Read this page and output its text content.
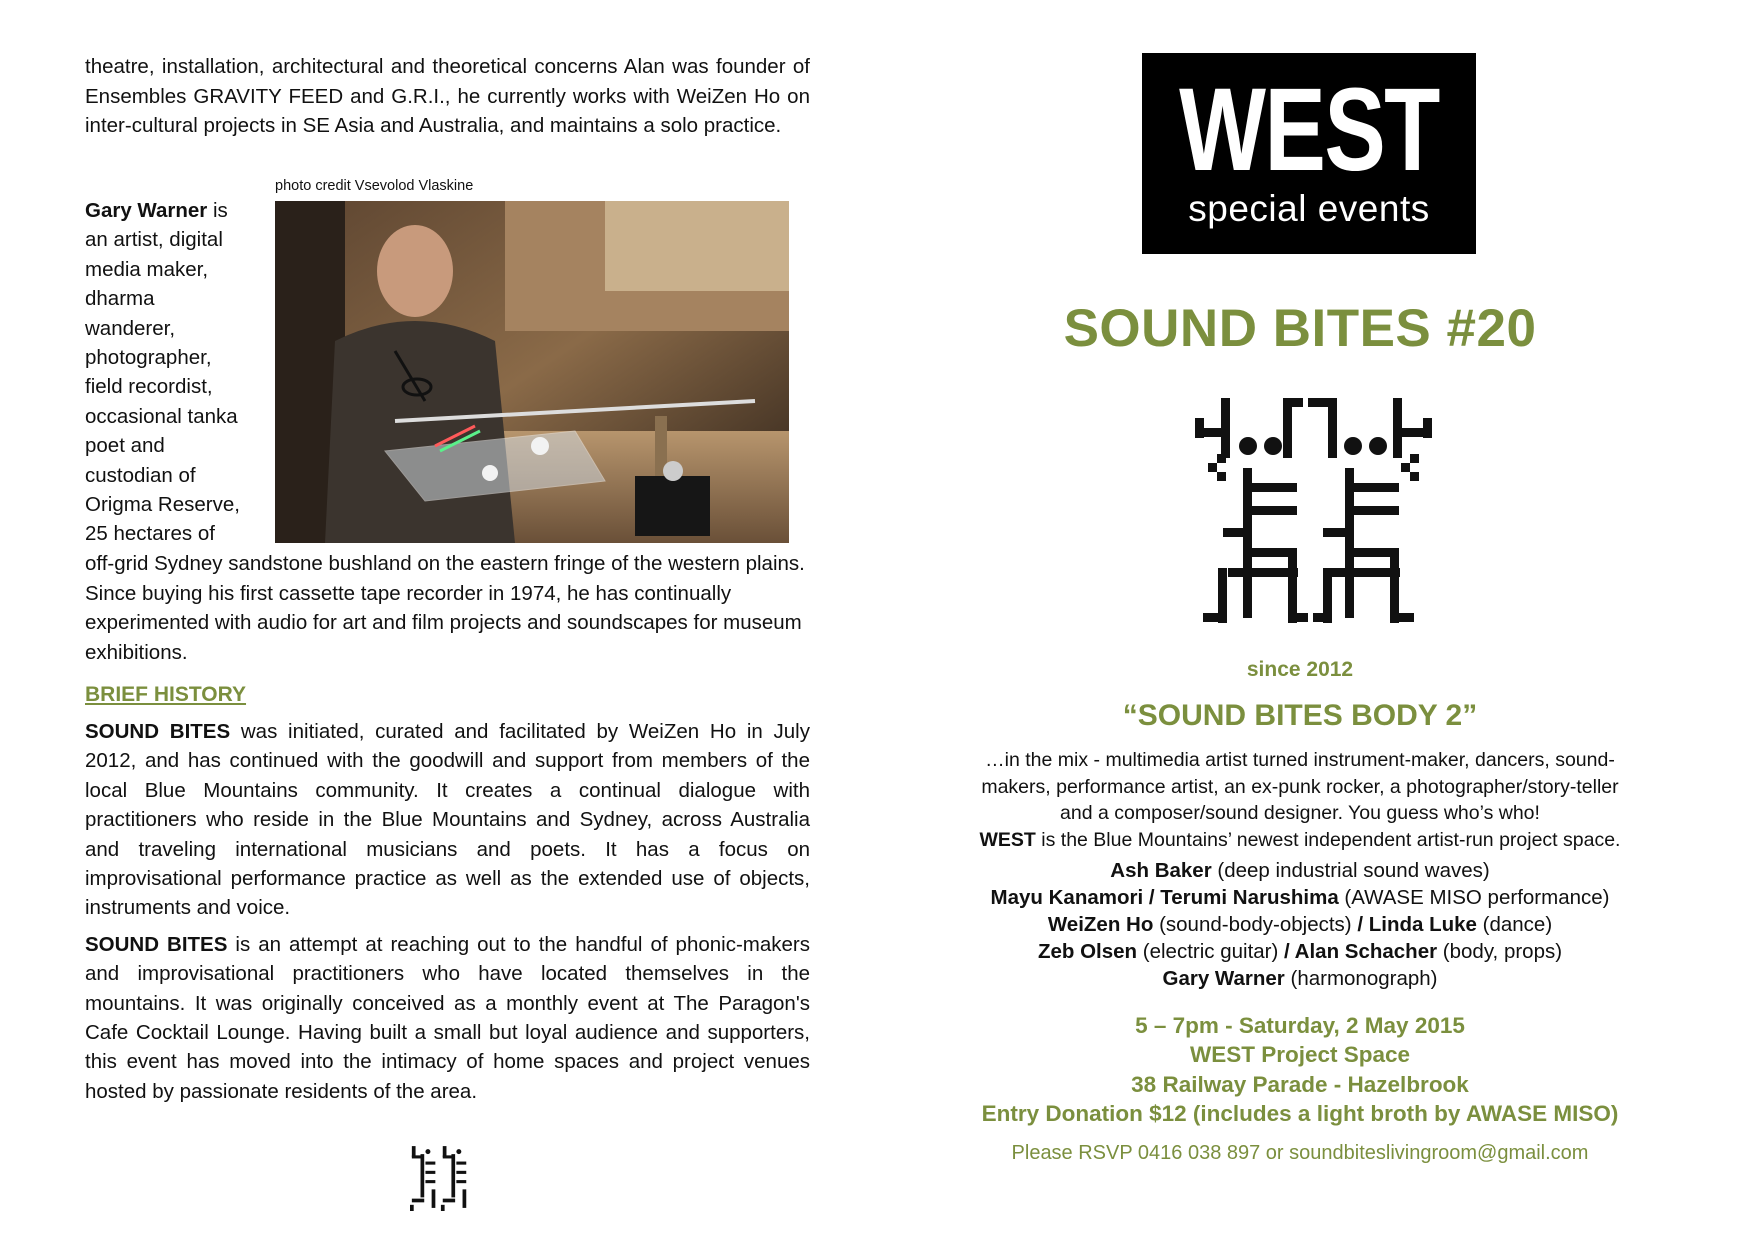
theatre, installation, architectural and theoretical concerns Alan was founder of Ensembles GRAVITY FEED and G.R.I., he currently works with WeiZen Ho on inter-cultural projects in SE Asia and Australia, and maintains a solo practice.

photo credit Vsevolod Vlaskine
Gary Warner is
an artist, digital
media maker,
dharma
wanderer,
photographer,
field recordist,
occasional tanka
poet and
custodian of
Origma Reserve,
25 hectares of
off-grid Sydney sandstone bushland on the eastern fringe of the western plains. Since buying his first cassette tape recorder in 1974, he has continually experimented with audio for art and film projects and soundscapes for museum exhibitions.
BRIEF HISTORY

SOUND BITES was initiated, curated and facilitated by WeiZen Ho in July 2012, and has continued with the goodwill and support from members of the local Blue Mountains community. It creates a continual dialogue with practitioners who reside in the Blue Mountains and Sydney, across Australia and traveling international musicians and poets. It has a focus on improvisational performance practice as well as the extended use of objects, instruments and voice.

SOUND BITES is an attempt at reaching out to the handful of phonic-makers and improvisational practitioners who have located themselves in the mountains. It was originally conceived as a monthly event at The Paragon's Cafe Cocktail Lounge. Having built a small but loyal audience and supporters, this event has moved into the intimacy of home spaces and project venues hosted by passionate residents of the area.

WEST
special events
SOUND BITES #20
since 2012
“SOUND BITES BODY 2”
…in the mix - multimedia artist turned instrument-maker, dancers, sound-
makers, performance artist, an ex-punk rocker, a photographer/story-teller
and a composer/sound designer. You guess who’s who!
WEST is the Blue Mountains’ newest independent artist-run project space.
Ash Baker (deep industrial sound waves)
Mayu Kanamori / Terumi Narushima (AWASE MISO performance)
WeiZen Ho (sound-body-objects) / Linda Luke (dance)
Zeb Olsen (electric guitar) / Alan Schacher (body, props)
Gary Warner (harmonograph)
5 – 7pm - Saturday, 2 May 2015
WEST Project Space
38 Railway Parade - Hazelbrook
Entry Donation $12 (includes a light broth by AWASE MISO)
Please RSVP 0416 038 897 or soundbiteslivingroom@gmail.com
